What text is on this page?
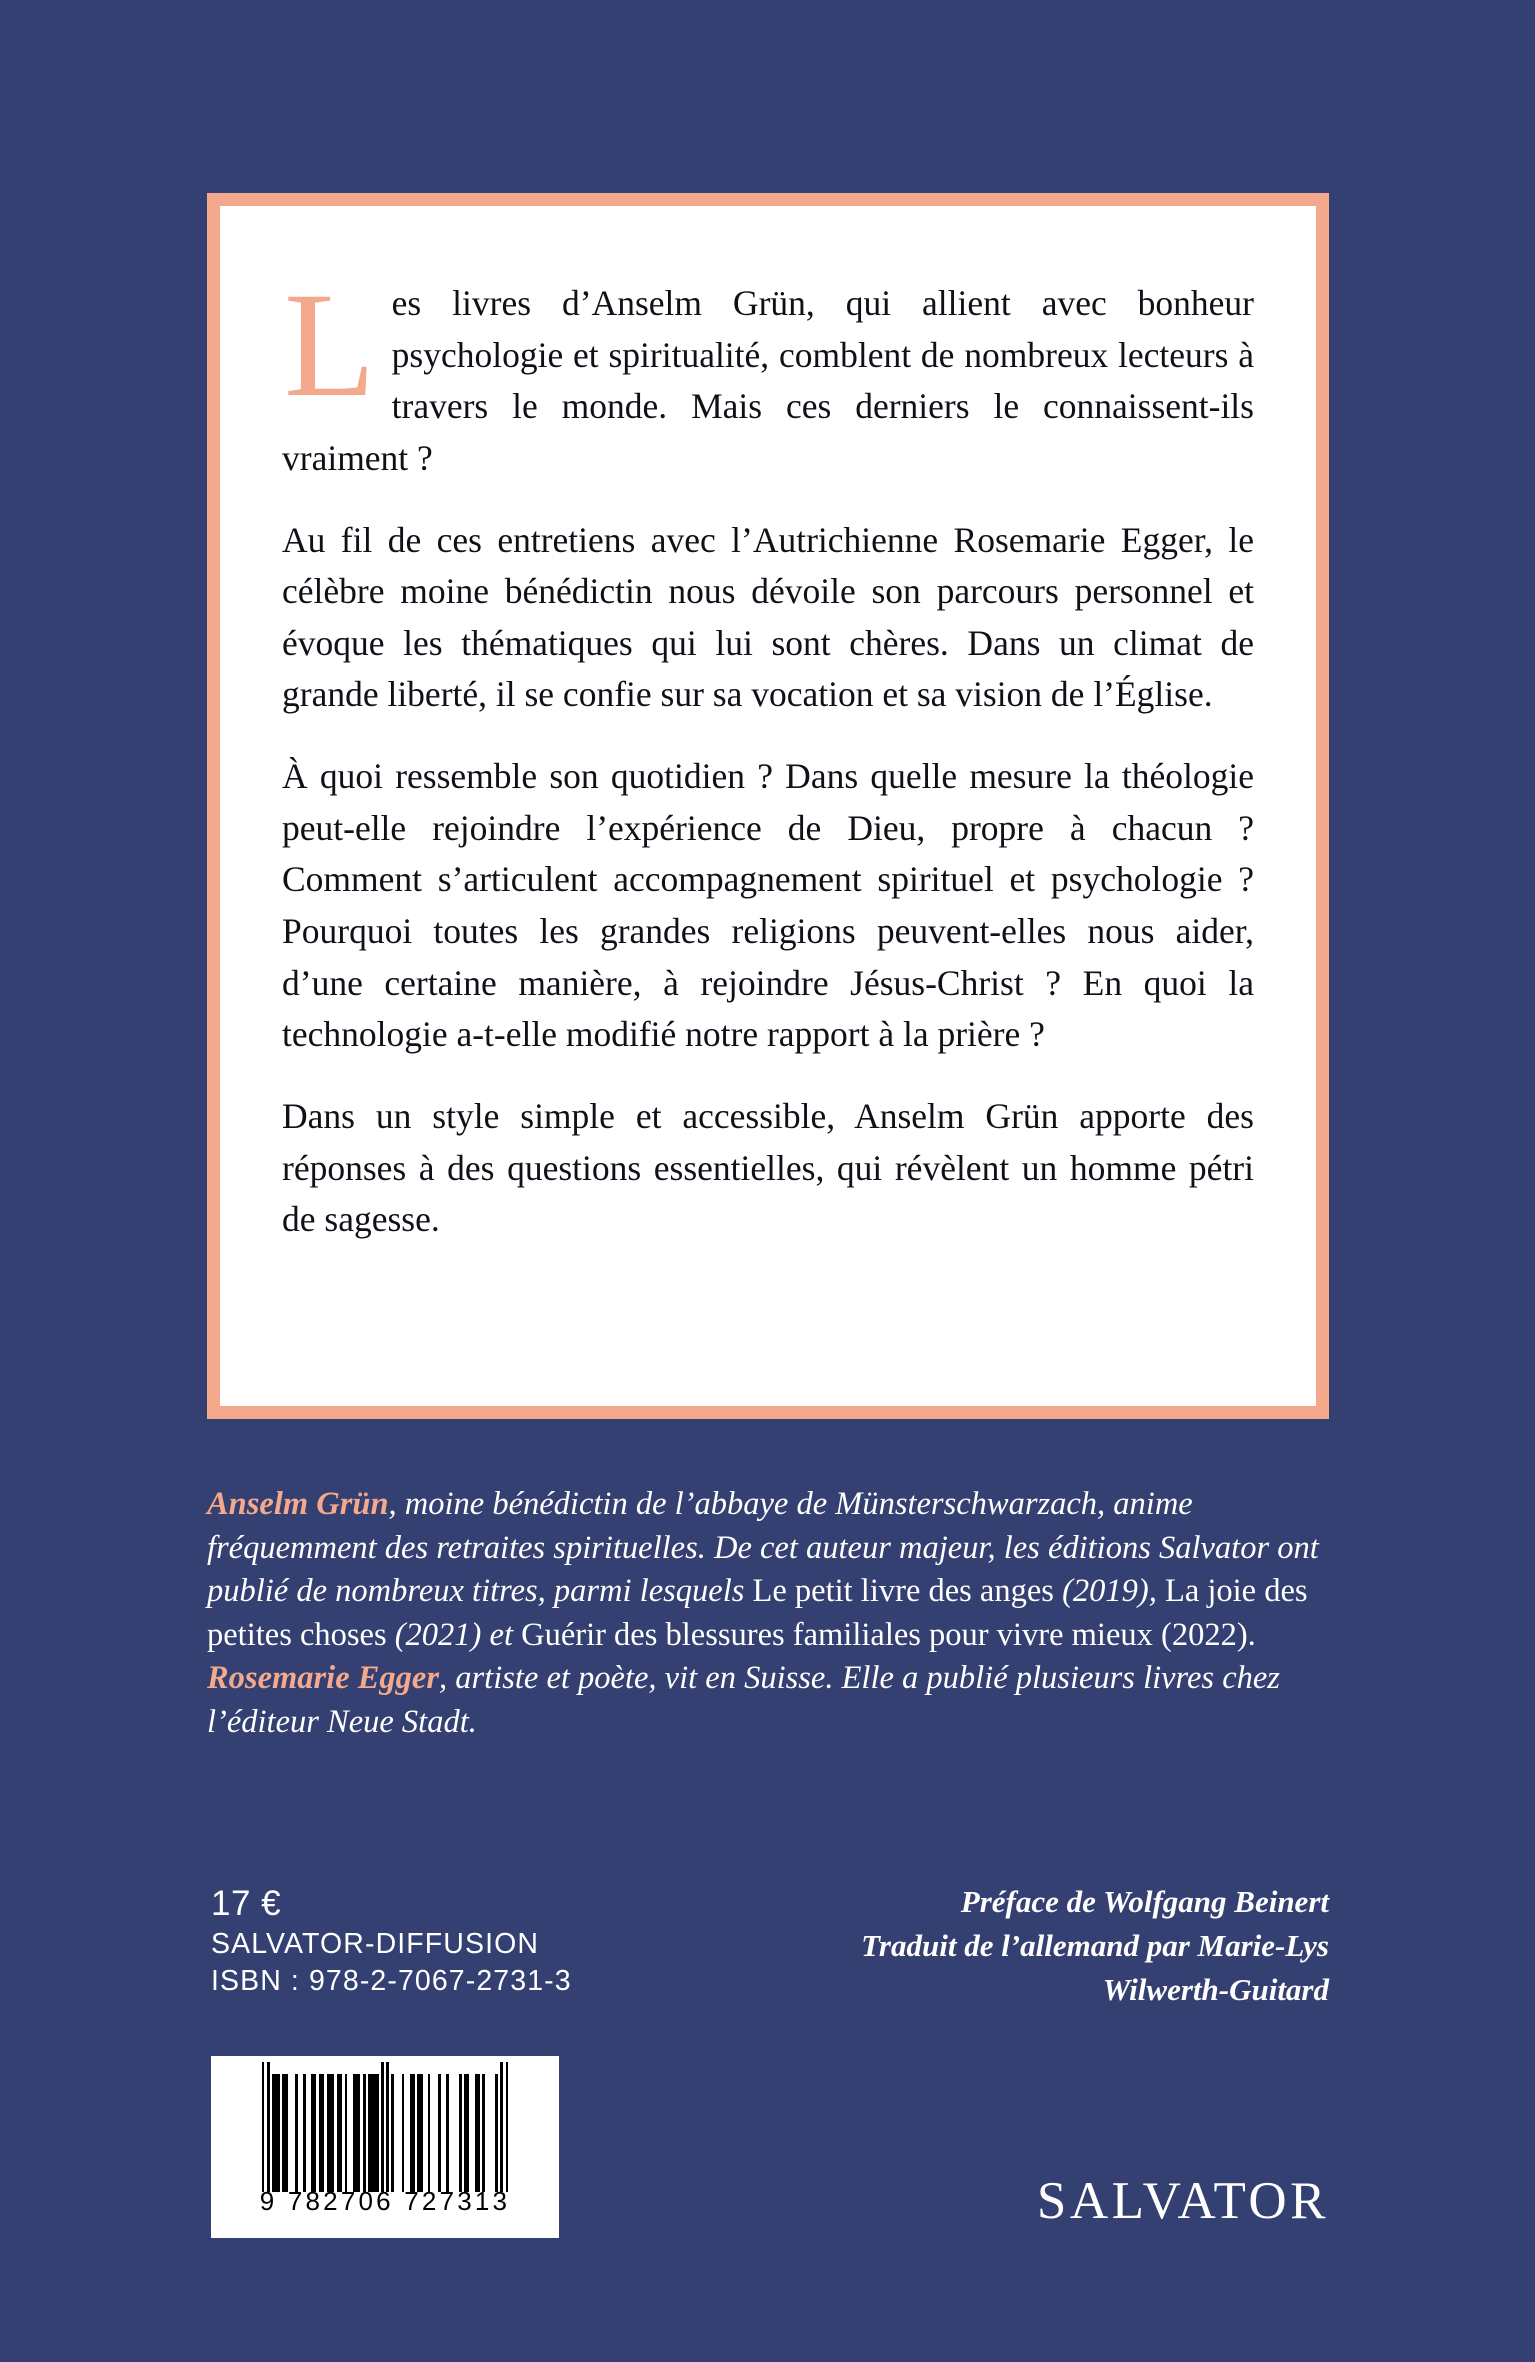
Les livres d’Anselm Grün, qui allient avec bonheur psychologie et spiritualité, comblent de nombreux lecteurs à travers le monde. Mais ces derniers le connaissent-ils vraiment ?

Au fil de ces entretiens avec l’Autrichienne Rosemarie Egger, le célèbre moine bénédictin nous dévoile son parcours personnel et évoque les thématiques qui lui sont chères. Dans un climat de grande liberté, il se confie sur sa vocation et sa vision de l’Église.

À quoi ressemble son quotidien ? Dans quelle mesure la théologie peut-elle rejoindre l’expérience de Dieu, propre à chacun ? Comment s’articulent accompagnement spirituel et psychologie ? Pourquoi toutes les grandes religions peuvent-elles nous aider, d’une certaine manière, à rejoindre Jésus-Christ ? En quoi la technologie a-t-elle modifié notre rapport à la prière ?

Dans un style simple et accessible, Anselm Grün apporte des réponses à des questions essentielles, qui révèlent un homme pétri de sagesse.

Anselm Grün, moine bénédictin de l’abbaye de Münsterschwarzach, anime fréquemment des retraites spirituelles. De cet auteur majeur, les éditions Salvator ont publié de nombreux titres, parmi lesquels Le petit livre des anges (2019), La joie des petites choses (2021) et Guérir des blessures familiales pour vivre mieux (2022).
Rosemarie Egger, artiste et poète, vit en Suisse. Elle a publié plusieurs livres chez l’éditeur Neue Stadt.

17 €
SALVATOR-DIFFUSION
ISBN : 978-2-7067-2731-3
9 782706 727313

Préface de Wolfgang Beinert

Traduit de l’allemand par Marie-Lys

Wilwerth-Guitard

SALVATOR
